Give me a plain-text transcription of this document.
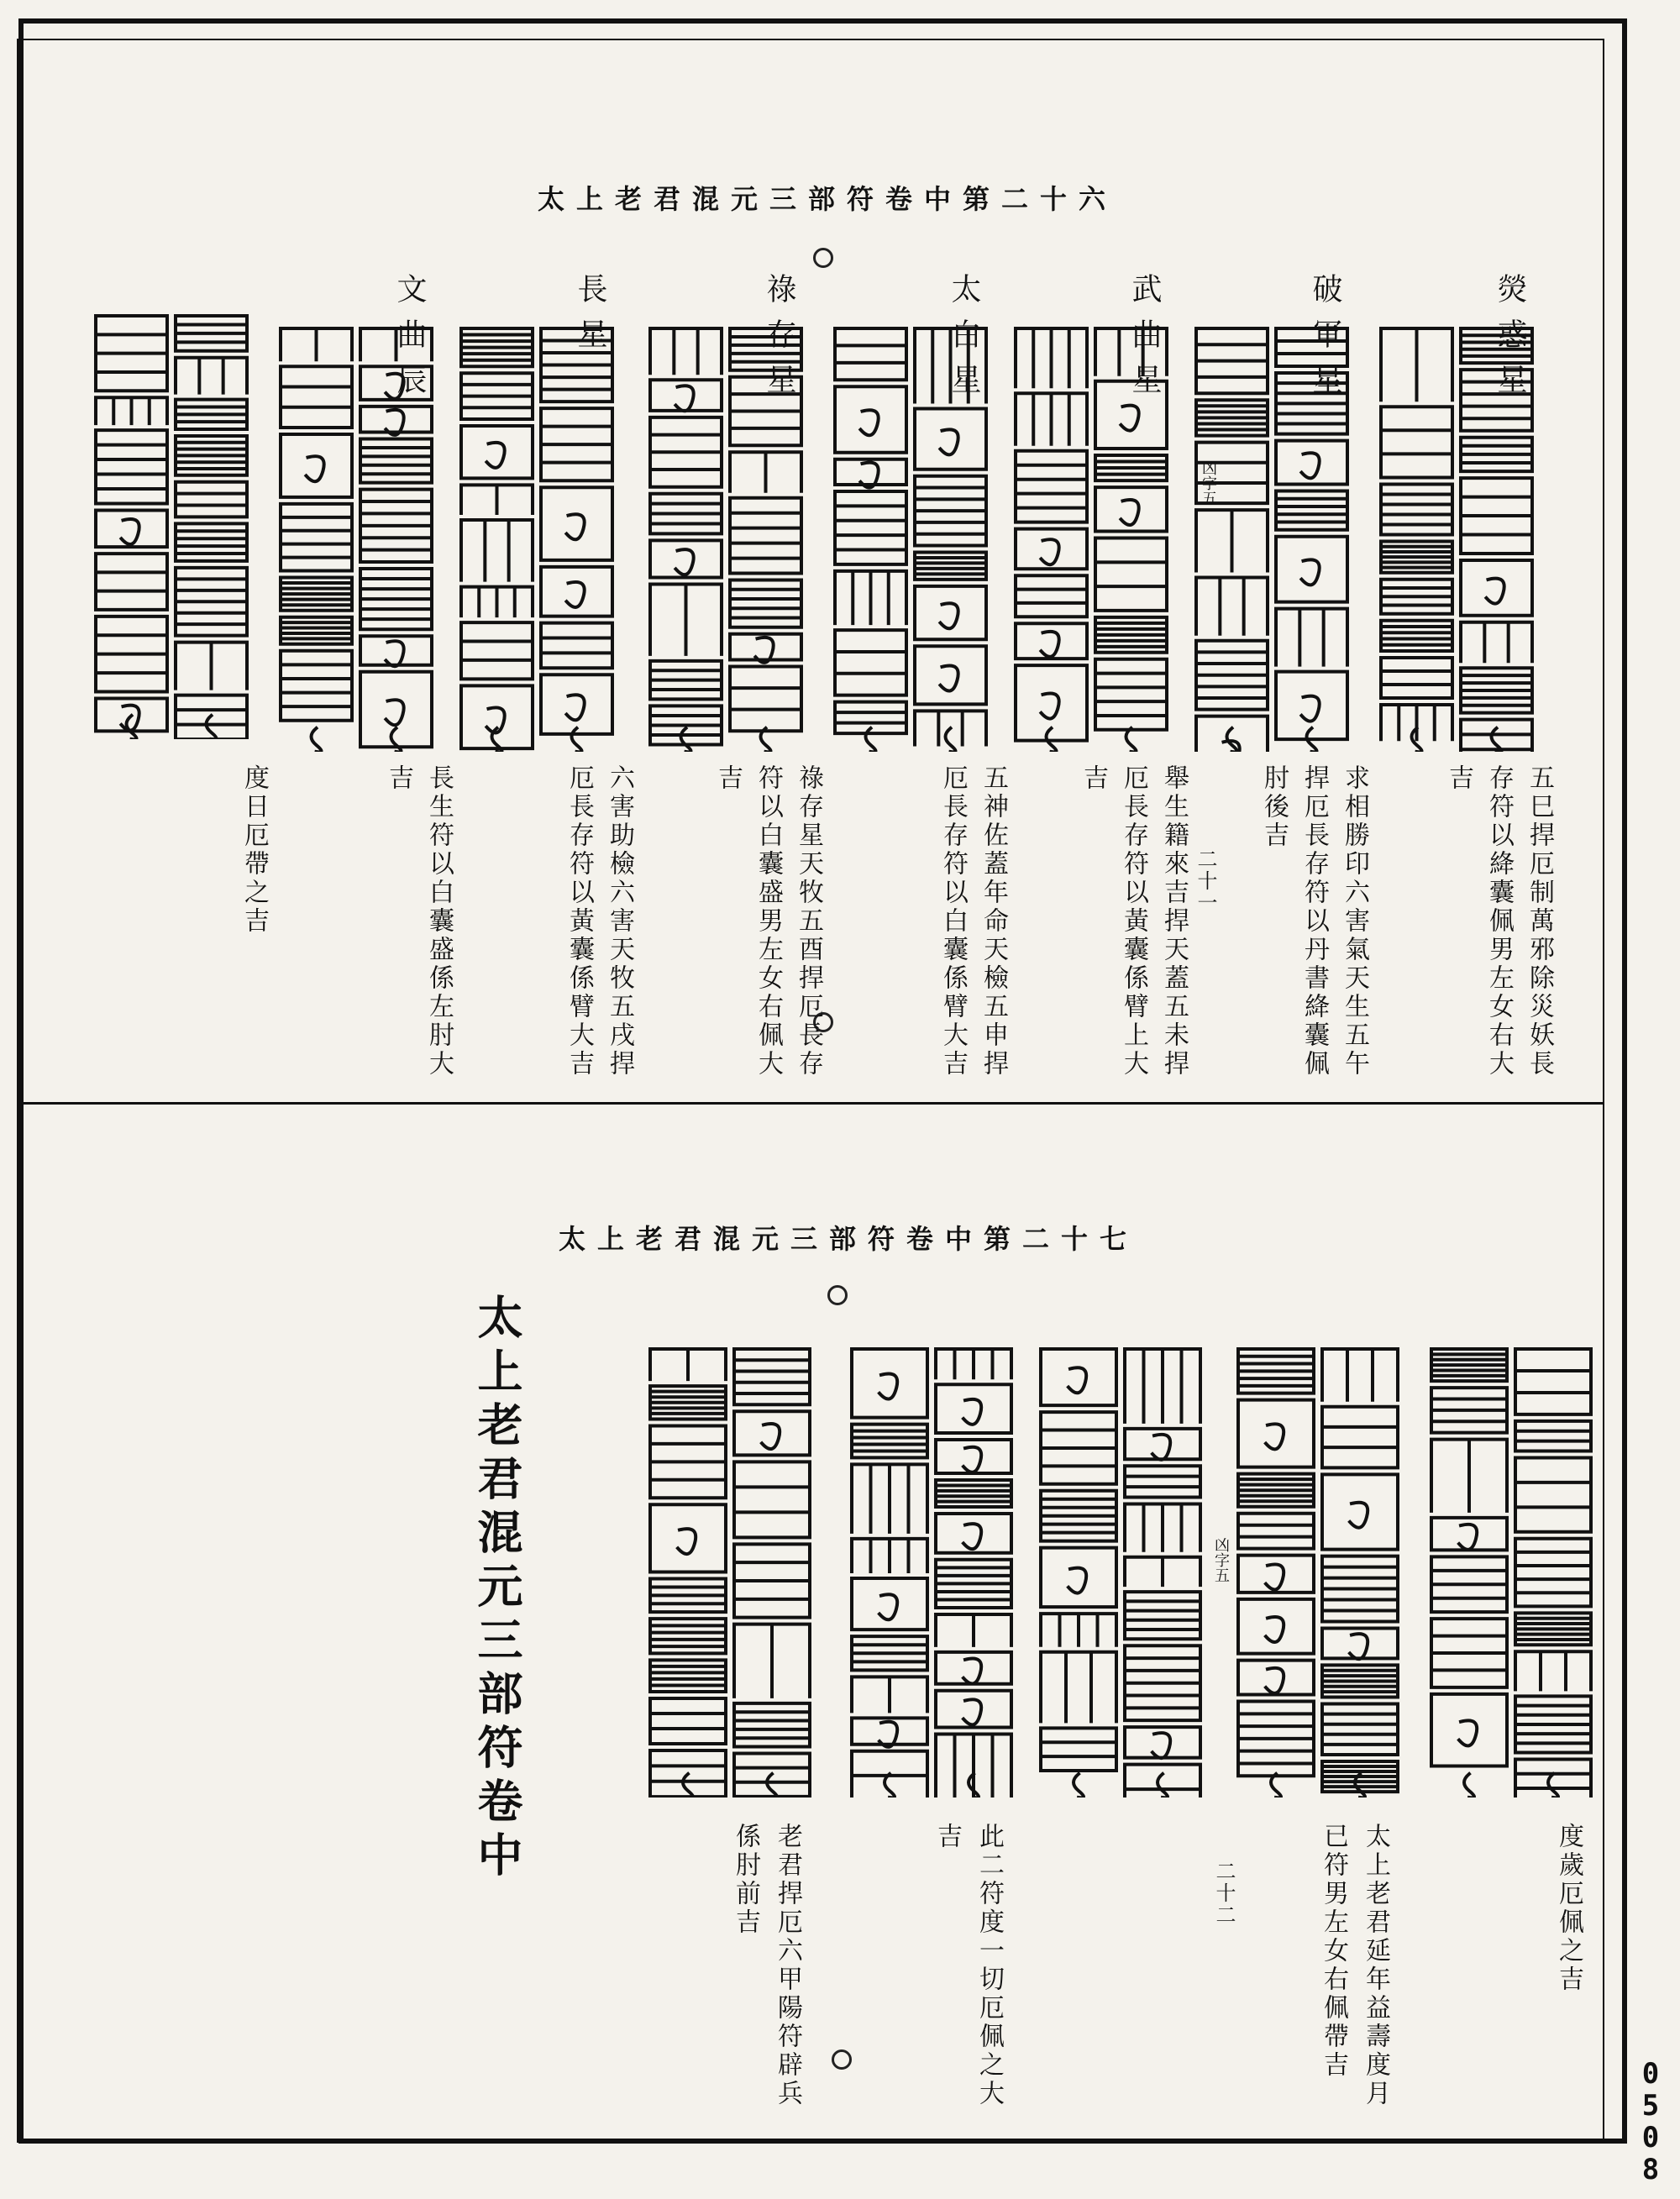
0
5
0
8
太上老君混元三部符卷中第二十六
熒惑星
五巳捍厄制萬邪除災妖長
存符以絳囊佩男左女右大
吉
破軍星
求相勝印六害氣天生五午
捍厄長存符以丹書絳囊佩
肘後吉
武曲星
舉生籍來吉捍天蓋五未捍
厄長存符以黃囊係臂上大
吉
太白星
五神佐蓋年命天檢五申捍
厄長存符以白囊係臂大吉
祿存星
祿存星天牧五酉捍厄長存
符以白囊盛男左女右佩大
吉
長星
六害助檢六害天牧五戌捍
厄長存符以黃囊係臂大吉
文曲辰
長生符以白囊盛係左肘大
吉
度日厄帶之吉
凶字五
二十一
太上老君混元三部符卷中第二十七
太上老君混元三部符卷中
度歲厄佩之吉
太上老君延年益壽度月
已符男左女右佩帶吉
此二符度一切厄佩之大
吉
老君捍厄六甲陽符辟兵
係肘前吉
凶字五
二十二
